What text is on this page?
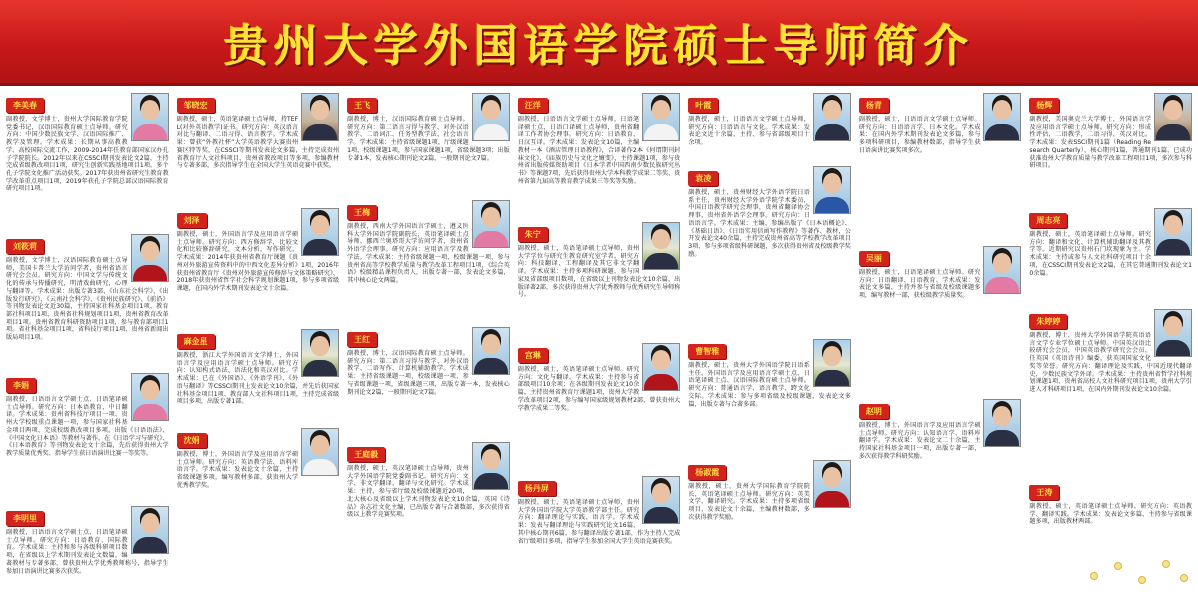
贵州大学外国语学院硕士导师简介
李美春
副教授，文学博士，贵州大学国际教育学院党委书记，汉语国际教育硕士点导师。研究方向：中国少数民族文学、汉语国际推广、教学及管理。学术成果：长期从事高教教学、高校国际交流工作，2009-2014年任教育部国家汉办孔子学院院长。2012年以来在CSSCI期刊发表论文2篇，主持完成省级教改项目1项，研究生创新实践基地项目1项。多个孔子学院文化推广活动获奖。2017年获贵州省研究生教育教学改革重点项目1项，2019年获孔子学院总部汉语国际教育研究项目1项。
刘筱莉
副教授，文学博士，汉语国际教育硕士点导师，美国卡普兰大学访问学者，贵州省语言研究会会员。研究方向：中国文学与传统文化的传承与传播研究，明清戏曲研究，心理与翻译等。学术成果：出版专著3部、《山东社会科学》、《出版发行研究》、《云南社会科学》、《贵州民族研究》、《前沿》等刊物发表论文近30篇，主持国家社科基金项目1项、教育部社科项目1项、贵州省社科规划项目1项，贵州省教育改革项目1项。贵州省教育科研资助项目1项，参与教育部项目1项。省社科基金项目1项、省科技厅项目1项、贵州省新闻出版局项目1项。
李娟
副教授，日语语言文学硕士点、日语笔译硕士点导师。研究方向：日本语教育、中日翻译。学术成果：贵州省科技厅项目一项、贵州大学校级重点课题一项，参与国家社科基金项目两项、完成校级教改项目多项。出版《日语语法》、《中国文化日本语》等教材与著作。在《日语学习与研究》、《日本语教育》等刊物发表论文十余篇，先后获得贵州大学教学质量优秀奖、指导学生获日语演讲比赛一等奖等。
李明里
副教授，日语语言文学硕士点、日语笔译硕士点导师。研究方向：日语教育、国际教育。学术成果：主持和参与各级科研项目数项，在省级以上学术期刊发表论文数篇，编著教材与专著多部，曾获贵州大学优秀教师称号，指导学生参加日语演讲比赛多次获奖。
邹晓宏
副教授，硕士，英语笔译硕士点导师，持TEFL(对外英语教学)证书。研究方向：英汉语言对比与翻译、二语习得、语言教学。学术成果：曾获“外教社杯”大学英语教学大赛贵州赛区特等奖，在CSSCI等期刊发表论文多篇，主持完成贵州省教育厅人文社科项目、贵州省教改项目等多项，参编教材与专著多部，多次指导学生在全国大学生英语竞赛中获奖。
刘泽
副教授，硕士，外国语言学及应用语言学硕士点导师。研究方向：西方修辞学，比较文化和比较修辞研究，文本分析，写作研究。学术成果：2014年获贵州省教育厅课题《贵州对外旅游宣传资料中的中西文化差异分析》1项，2016年获贵州省教育厅《贵州对外旅游宣传修辞与文体策略研究》，2018年获贵州省哲学社会科学规划课题1项，参与多项省级课题，在国内外学术期刊发表论文十余篇。
麻金星
副教授，浙江大学外国语言文学博士，外国语言学及应用语言学硕士点导师。研究方向：认知构式语法、语法化和英汉对比。学术成果：已在《外国语》、《外语学刊》、《外语与翻译》等CSSCI期刊上发表论文10余篇，并先后获国家社科基金项目1项、教育部人文社科项目1项，主持完成省级项目多项，出版专著1部。
沈娟
副教授，博士，外国语言学及应用语言学硕士点导师。研究方向：英语教学法、语料库语言学。学术成果：发表论文十余篇，主持省级课题多项，编写教材多部，获贵州大学优秀教学奖。
王飞
副教授，博士，汉语国际教育硕士点导师。研究方向：第二语言习得与教学、对外汉语教学、二语词汇、任务型教学法、社会语言学。学术成果：主持省级课题1项，厅级课题1项，校级课题1项，参与国家课题1项，省级课题3项；出版专著1本，发表核心期刊论文2篇，一般期刊论文7篇。
王梅
副教授，西南大学外国语言学硕士，遵义医科大学外国语学院副院长，英语笔译硕士点导师，挪西兰奥塔哥大学访问学者，贵州省外语学会理事。研究方向：应用语言学及教学法。学术成果：主持省级课题一项，校级课题一项，参与贵州省高等学校教学质量与教学改革工程项目1项，《综合英语》校级精品课程负责人，出版专著一部，发表论文多篇，其中核心论文两篇。
王红
副教授，博士，汉语国际教育硕士点导师。研究方向：第二语言习得与教学、对外汉语教学、二语写作、计算机辅助教学。学术成果：主持省级课题一项，校级课题一项，参与省级课题一项，省级课题三项，出版专著一本，发表核心期刊论文2篇，一般期刊论文7篇。
王庭毅
副教授，硕士，英汉笔译硕士点导师，贵州大学外国语学院党委副书记。研究方向：文学、非文学翻译、翻译与文化研究。学术成果：主持、参与省厅级及校级课题近20项，北大核心及省级以上学术刊物发表论文10余篇，英国《诗品》杂志社文化主编，已出版专著与合著数部，多次获得省级以上教学竞赛奖项。
汪洋
副教授，日语语言文学硕士点导师，日语笔译硕士点、日语口译硕士点导师，贵州省翻译工作者协会理事。研究方向：日语教育、日汉互译。学术成果：发表论文10篇，主编教材一本《酒店管理日语教程》，合译著作2本《何谓期刊封袜文化》、《庙族历史与文化之嬗变》，主持课题1项，参与贵州省出版传媒资助项目《日本学者中国西南少数民族研究丛书》等课题7项，先后获得贵州大学本科教学成果二等奖，贵州省第九届高等教育教学成果三等奖等奖励。
朱宁
副教授，硕士，英语笔译硕士点导师，贵州大学学位与研究生教育研究室学者。研究方向：科技翻译、工程翻译及其它非文学翻译。学术成果：主持多项科研课题，参与国家及省部级项目数项，在省级以上刊物发表论文10余篇，出版译著2部，多次获得贵州大学优秀教师与优秀研究生导师称号。
宫琳
副教授，硕士，英语笔译硕士点导师。研究方向：文化与翻译。学术成果：主持参与省部级项目10余项；在各级期刊发表论文10余篇。主持贵州省教育厅课题1项，贵州大学教学改革项目2项，参与编写国家级规划教材2部，曾获贵州大学教学成果二等奖。
杨丹屏
副教授，硕士，英语笔译硕士点导师，贵州大学外国语学院大学英语教学部主任。研究方向：翻译理论与实践、语言学。学术成果：发表与翻译理论与实践研究论文16篇，其中核心期刊6篇，参与翻译出版专著1部，作为主持人完成省厅级项目多项，指导学生参加全国大学生英语竞赛获奖。
叶霞
副教授，硕士，日语语言文学硕士点导师，研究方向：日语语言与文化。学术成果：发表论文近十余篇，主持、参与省部级项目十余项。
袁凌
副教授，硕士，贵州财经大学外语学院日语系主任，贵州财经大学外语学院学术委员，中国日语教学研究会理事，贵州省翻译协会理事，贵州省外语学会理事。研究方向：日语语言学。学术成果：主编、参编出版了《日本语概论》、《基础日语》、《日语实用信函写作教程》等著作、教材，公开发表论文40余篇，主持完成贵州省高等学校教学改革项目3项，参与多项省级科研课题，多次获得贵州省及校级教学奖励。
曹智雅
副教授，硕士，贵州大学外国语学院日语系主任，外国语言学及应用语言学硕士点、日语笔译硕士点、汉语国际教育硕士点导师。研究方向：普通语言学、语言教学、跨文化交际。学术成果：参与多项省级及校级课题，发表论文多篇，出版专著与合著多部。
杨淑霞
副教授，硕士，贵州大学国际教育学院院长，英语笔译硕士点导师。研究方向：英美文学、翻译研究。学术成果：主持多项省级项目，发表论文十余篇，主编教材数部，多次获得教学奖励。
杨青
副教授，硕士，日语语言文学硕士点导师。研究方向：日语语言学、日本文化。学术成果：在国内外学术期刊发表论文多篇，参与多项科研项目，参编教材数部，指导学生获日语演讲比赛奖项多次。
吴丽
副教授，硕士，日语笔译硕士点导师。研究方向：日语翻译、日语教育。学术成果：发表论文多篇，主持并参与省级及校级课题多项，编写教材一部，获校级教学质量奖。
赵明
副教授，博士，外国语言学及应用语言学硕士点导师。研究方向：认知语言学、语料库翻译学。学术成果：发表论文二十余篇，主持国家社科基金项目一项，出版专著一部，多次获得教学科研奖励。
杨辉
副教授，美国奥克兰大学博士，外国语言学及应用语言学硕士点导师。研究方向：形成性评估，二语教学，二语习得，英汉对比。学术成果：发表SSCI期刊1篇（Reading Research Quarterly），核心期刊1篇，普通期刊1篇，已成功获准贵州大学教育质量与教学改革工程项目1项，多次参与科研项目。
周志亮
副教授，硕士，英语笔译硕士点导师。研究方向：翻译和文化、计算机辅助翻译及其教学等。近期研究以贵州石门坎现象为主。学术成果：主持或参与人文社科研究项目十余项，在CSSCI期刊发表论文2篇，在其它普通期刊发表论文10余篇。
朱婷婷
副教授，博士，贵州大学外国语学院英语语言文学专业学位硕士点导师。中国英汉语比较研究会会员，中国英语教学研究会会员，任英国《英语诗刊》编委，获英国国家文化奖等荣誉。研究方向：翻译理论及实践，中国近现代翻译史，少数民族文学外译。学术成果：主持贵州省哲学社科规划课题1项，贵州省高校人文社科研究项目1项，贵州大学引进人才科研项目1项，在国内外期刊发表论文10余篇。
王涛
副教授，硕士，英语笔译硕士点导师。研究方向：英语教学、翻译实践。学术成果：发表论文多篇，主持参与省级课题多项，出版教材两部。
